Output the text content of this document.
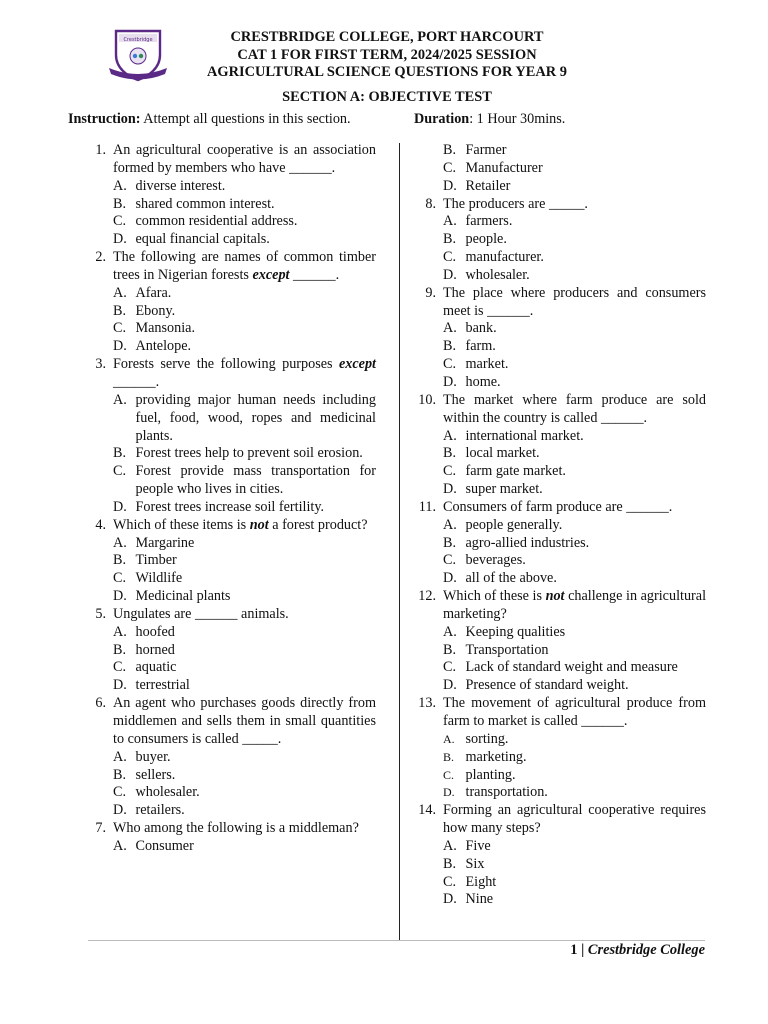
Crestbridge	CRESTBRIDGE COLLEGE, PORT HARCOURT
CAT 1 FOR FIRST TERM, 2024/2025 SESSION
AGRICULTURAL SCIENCE QUESTIONS FOR YEAR 9
SECTION A: OBJECTIVE TEST
Instruction: Attempt all questions in this section.	Duration: 1 Hour 30mins.
1. An agricultural cooperative is an association formed by members who have ______.
A. diverse interest.
B. shared common interest.
C. common residential address.
D. equal financial capitals.
2. The following are names of common timber trees in Nigerian forests except ______.
A. Afara.
B. Ebony.
C. Mansonia.
D. Antelope.
3. Forests serve the following purposes except ______.
A. providing major human needs including fuel, food, wood, ropes and medicinal plants.
B. Forest trees help to prevent soil erosion.
C. Forest provide mass transportation for people who lives in cities.
D. Forest trees increase soil fertility.
4. Which of these items is not a forest product?
A. Margarine
B. Timber
C. Wildlife
D. Medicinal plants
5. Ungulates are ______ animals.
A. hoofed
B. horned
C. aquatic
D. terrestrial
6. An agent who purchases goods directly from middlemen and sells them in small quantities to consumers is called _____.
A. buyer.
B. sellers.
C. wholesaler.
D. retailers.
7. Who among the following is a middleman?
A. Consumer
B. Farmer
C. Manufacturer
D. Retailer
8. The producers are _____.
A. farmers.
B. people.
C. manufacturer.
D. wholesaler.
9. The place where producers and consumers meet is ______.
A. bank.
B. farm.
C. market.
D. home.
10. The market where farm produce are sold within the country is called ______.
A. international market.
B. local market.
C. farm gate market.
D. super market.
11. Consumers of farm produce are ______.
A. people generally.
B. agro-allied industries.
C. beverages.
D. all of the above.
12. Which of these is not challenge in agricultural marketing?
A. Keeping qualities
B. Transportation
C. Lack of standard weight and measure
D. Presence of standard weight.
13. The movement of agricultural produce from farm to market is called ______.
A. sorting.
B. marketing.
C. planting.
D. transportation.
14. Forming an agricultural cooperative requires how many steps?
A. Five
B. Six
C. Eight
D. Nine
1 | Crestbridge College
